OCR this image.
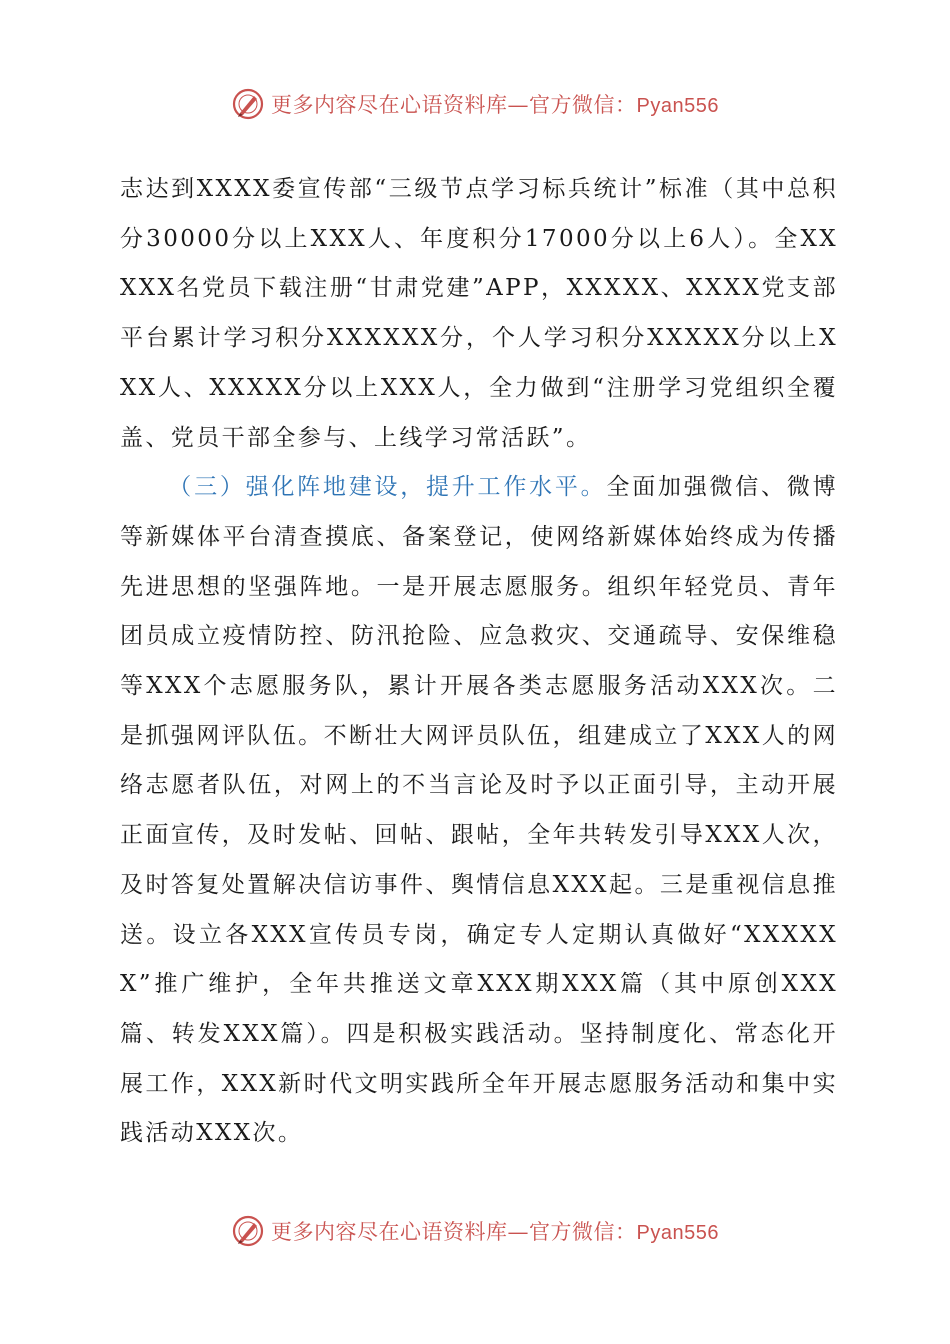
更多内容尽在心语资料库—官方微信：Pyan556

志达到XXXX委宣传部“三级节点学习标兵统计”标准（其中总积分30000分以上XXX人、年度积分17000分以上6人）。全XXXXX名党员下载注册“甘肃党建”APP，XXXXX、XXXX党支部平台累计学习积分XXXXXX分，个人学习积分XXXXX分以上XXX人、XXXXX分以上XXX人，全力做到“注册学习党组织全覆盖、党员干部全参与、上线学习常活跃”。

（三）强化阵地建设，提升工作水平。全面加强微信、微博等新媒体平台清查摸底、备案登记，使网络新媒体始终成为传播先进思想的坚强阵地。一是开展志愿服务。组织年轻党员、青年团员成立疫情防控、防汛抢险、应急救灾、交通疏导、安保维稳等XXX个志愿服务队，累计开展各类志愿服务活动XXX次。二是抓强网评队伍。不断壮大网评员队伍，组建成立了XXX人的网络志愿者队伍，对网上的不当言论及时予以正面引导，主动开展正面宣传，及时发帖、回帖、跟帖，全年共转发引导XXX人次，及时答复处置解决信访事件、舆情信息XXX起。三是重视信息推送。设立各XXX宣传员专岗，确定专人定期认真做好“XXXXXX”推广维护，全年共推送文章XXX期XXX篇（其中原创XXX篇、转发XXX篇）。四是积极实践活动。坚持制度化、常态化开展工作，XXX新时代文明实践所全年开展志愿服务活动和集中实践活动XXX次。

更多内容尽在心语资料库—官方微信：Pyan556
